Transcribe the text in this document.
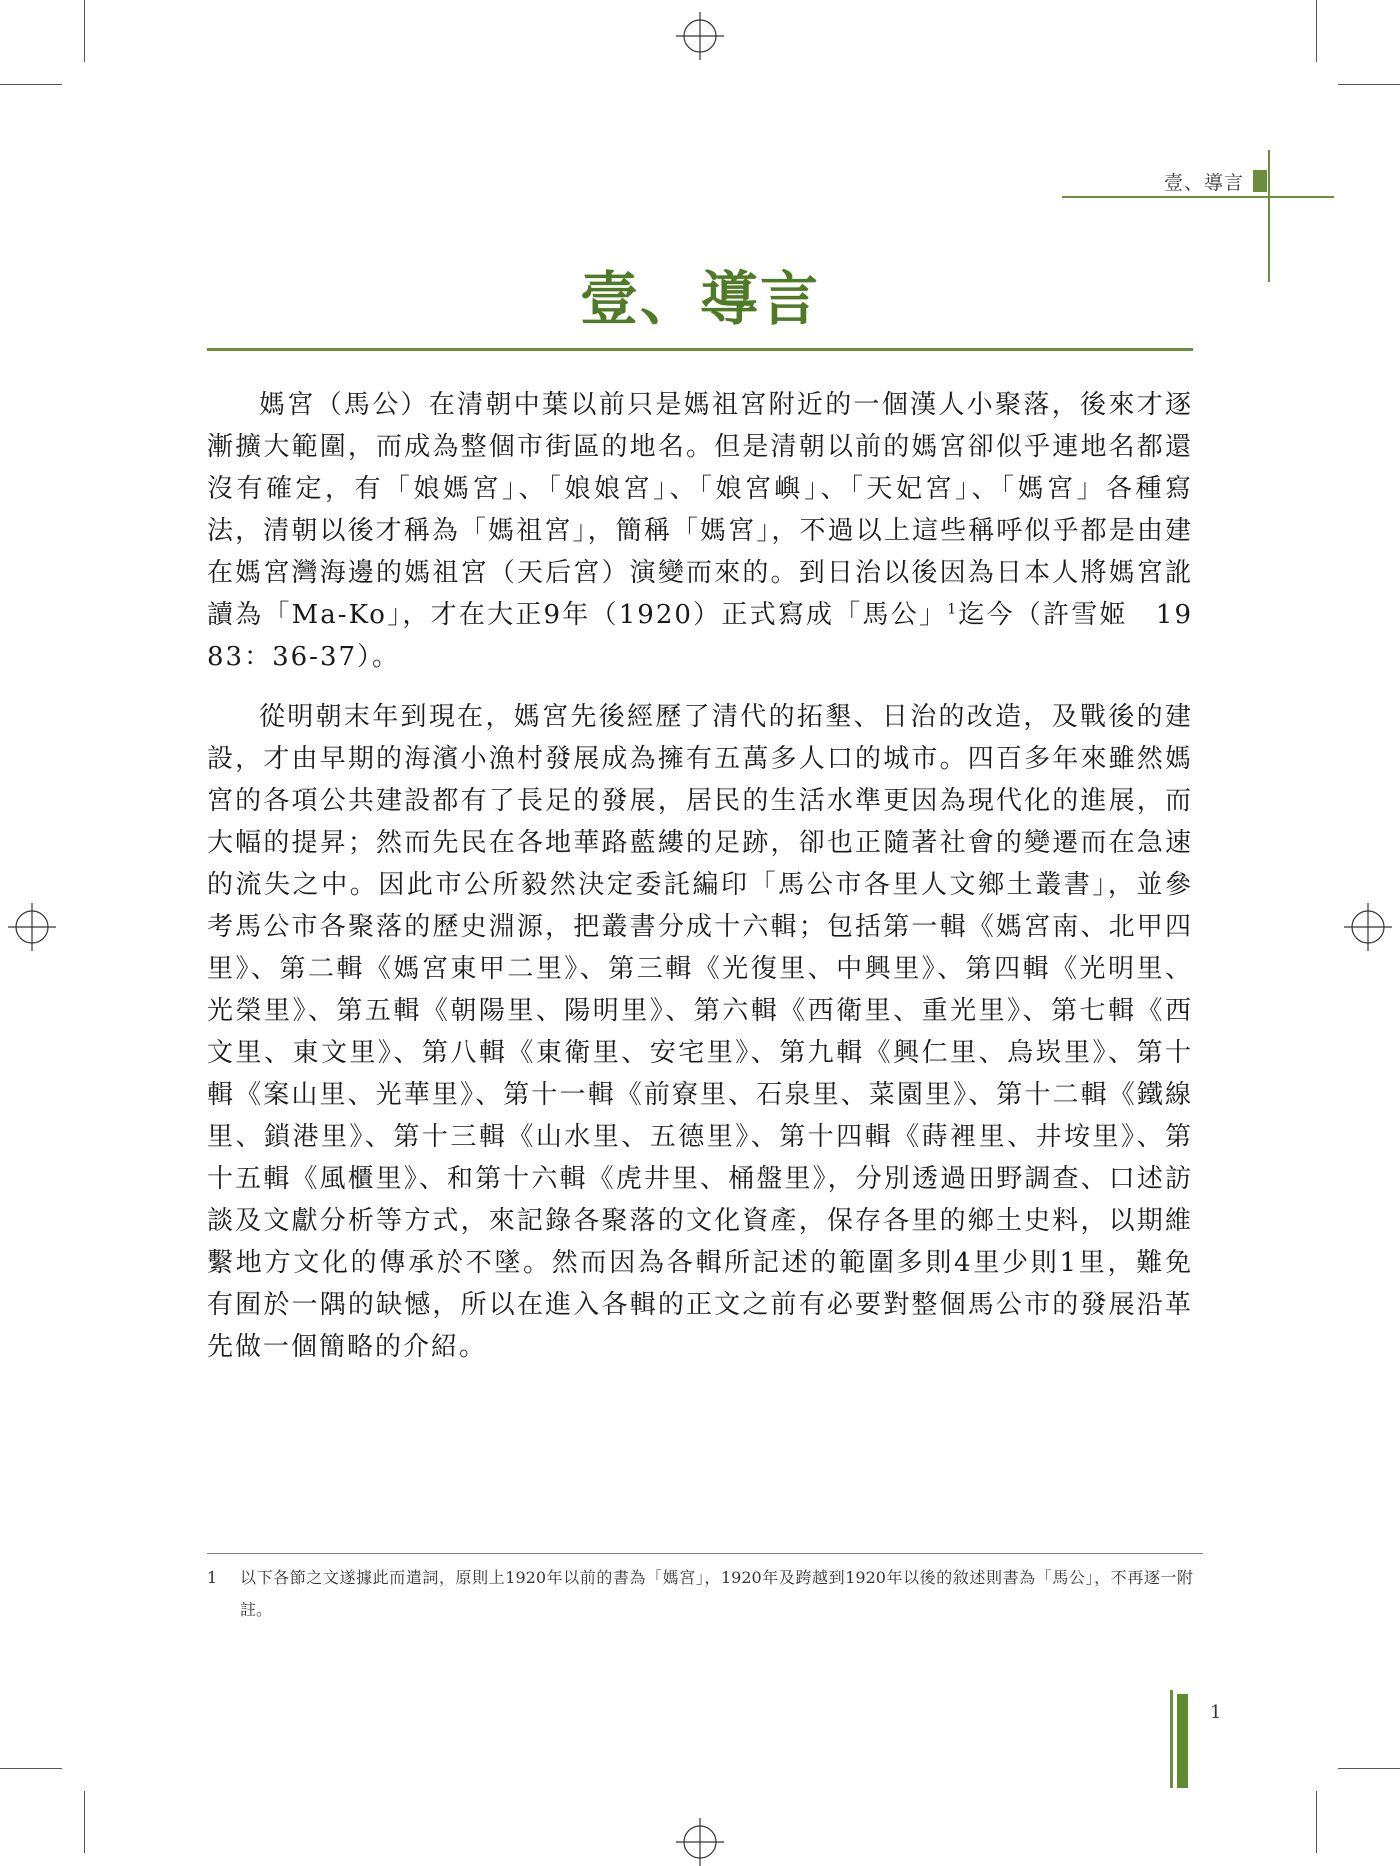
壹、導言
壹、導言

媽宮（馬公）在清朝中葉以前只是媽祖宮附近的一個漢人小聚落，後來才逐漸擴大範圍，而成為整個市街區的地名。但是清朝以前的媽宮卻似乎連地名都還沒有確定，有「娘媽宮」、「娘娘宮」、「娘宮嶼」、「天妃宮」、「媽宮」各種寫法，清朝以後才稱為「媽祖宮」，簡稱「媽宮」，不過以上這些稱呼似乎都是由建在媽宮灣海邊的媽祖宮（天后宮）演變而來的。到日治以後因為日本人將媽宮訛讀為「Ma-Ko」，才在大正9年（1920）正式寫成「馬公」$^1$迄今（許雪姬　1983：36-37）。

從明朝末年到現在，媽宮先後經歷了清代的拓墾、日治的改造，及戰後的建設，才由早期的海濱小漁村發展成為擁有五萬多人口的城市。四百多年來雖然媽宮的各項公共建設都有了長足的發展，居民的生活水準更因為現代化的進展，而大幅的提昇；然而先民在各地華路藍縷的足跡，卻也正隨著社會的變遷而在急速的流失之中。因此市公所毅然決定委託編印「馬公市各里人文鄉土叢書」，並參考馬公市各聚落的歷史淵源，把叢書分成十六輯；包括第一輯《媽宮南、北甲四里》、第二輯《媽宮東甲二里》、第三輯《光復里、中興里》、第四輯《光明里、光榮里》、第五輯《朝陽里、陽明里》、第六輯《西衛里、重光里》、第七輯《西文里、東文里》、第八輯《東衛里、安宅里》、第九輯《興仁里、烏崁里》、第十輯《案山里、光華里》、第十一輯《前寮里、石泉里、菜園里》、第十二輯《鐵線里、鎖港里》、第十三輯《山水里、五德里》、第十四輯《蒔裡里、井垵里》、第十五輯《風櫃里》、和第十六輯《虎井里、桶盤里》，分別透過田野調查、口述訪談及文獻分析等方式，來記錄各聚落的文化資產，保存各里的鄉土史料，以期維繫地方文化的傳承於不墜。然而因為各輯所記述的範圍多則4里少則1里，難免有囿於一隅的缺憾，所以在進入各輯的正文之前有必要對整個馬公市的發展沿革先做一個簡略的介紹。

1	以下各節之文遂據此而遣詞，原則上1920年以前的書為「媽宮」，1920年及跨越到1920年以後的敘述則書為「馬公」，不再逐一附註。
1
